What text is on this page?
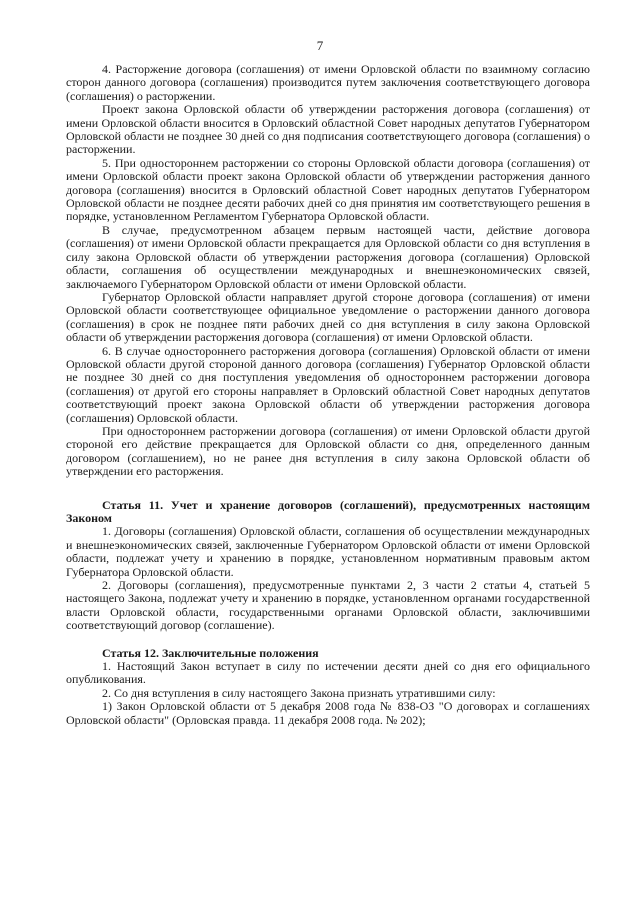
7

4. Расторжение договора (соглашения) от имени Орловской области по взаимному согласию сторон данного договора (соглашения) производится путем заключения соответствующего договора (соглашения) о расторжении.

Проект закона Орловской области об утверждении расторжения договора (соглашения) от имени Орловской области вносится в Орловский областной Совет народных депутатов Губернатором Орловской области не позднее 30 дней со дня подписания соответствующего договора (соглашения) о расторжении.

5. При одностороннем расторжении со стороны Орловской области договора (соглашения) от имени Орловской области проект закона Орловской области об утверждении расторжения данного договора (соглашения) вносится в Орловский областной Совет народных депутатов Губернатором Орловской области не позднее десяти рабочих дней со дня принятия им соответствующего решения в порядке, установленном Регламентом Губернатора Орловской области.

В случае, предусмотренном абзацем первым настоящей части, действие договора (соглашения) от имени Орловской области прекращается для Орловской области со дня вступления в силу закона Орловской области об утверждении расторжения договора (соглашения) Орловской области, соглашения об осуществлении международных и внешнеэкономических связей, заключаемого Губернатором Орловской области от имени Орловской области.

Губернатор Орловской области направляет другой стороне договора (соглашения) от имени Орловской области соответствующее официальное уведомление о расторжении данного договора (соглашения) в срок не позднее пяти рабочих дней со дня вступления в силу закона Орловской области об утверждении расторжения договора (соглашения) от имени Орловской области.

6. В случае одностороннего расторжения договора (соглашения) Орловской области от имени Орловской области другой стороной данного договора (соглашения) Губернатор Орловской области не позднее 30 дней со дня поступления уведомления об одностороннем расторжении договора (соглашения) от другой его стороны направляет в Орловский областной Совет народных депутатов соответствующий проект закона Орловской области об утверждении расторжения договора (соглашения) Орловской области.

При одностороннем расторжении договора (соглашения) от имени Орловской области другой стороной его действие прекращается для Орловской области со дня, определенного данным договором (соглашением), но не ранее дня вступления в силу закона Орловской области об утверждении его расторжения.

Статья 11. Учет и хранение договоров (соглашений), предусмотренных настоящим Законом

1. Договоры (соглашения) Орловской области, соглашения об осуществлении международных и внешнеэкономических связей, заключенные Губернатором Орловской области от имени Орловской области, подлежат учету и хранению в порядке, установленном нормативным правовым актом Губернатора Орловской области.

2. Договоры (соглашения), предусмотренные пунктами 2, 3 части 2 статьи 4, статьей 5 настоящего Закона, подлежат учету и хранению в порядке, установленном органами государственной власти Орловской области, государственными органами Орловской области, заключившими соответствующий договор (соглашение).

Статья 12. Заключительные положения

1. Настоящий Закон вступает в силу по истечении десяти дней со дня его официального опубликования.

2. Со дня вступления в силу настоящего Закона признать утратившими силу:

1) Закон Орловской области от 5 декабря 2008 года № 838-ОЗ "О договорах и соглашениях Орловской области" (Орловская правда. 11 декабря 2008 года. № 202);
